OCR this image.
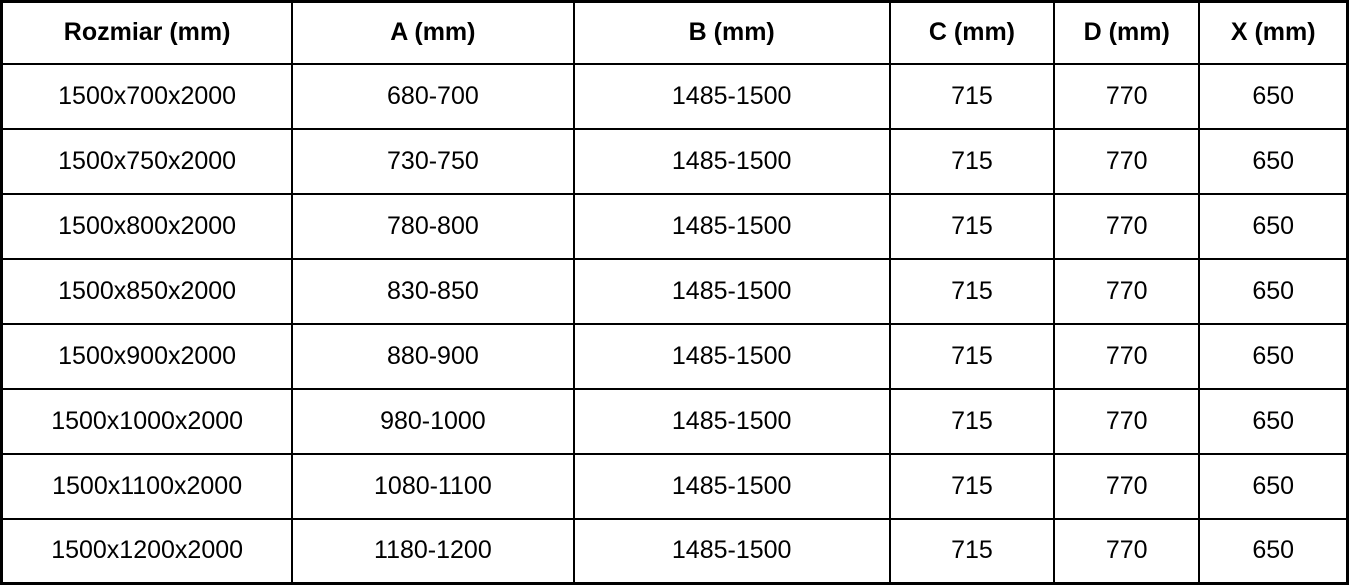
Rozmiar (mm)	A (mm)	B (mm)	C (mm)	D (mm)	X (mm)
1500x700x2000	680-700	1485-1500	715	770	650
1500x750x2000	730-750	1485-1500	715	770	650
1500x800x2000	780-800	1485-1500	715	770	650
1500x850x2000	830-850	1485-1500	715	770	650
1500x900x2000	880-900	1485-1500	715	770	650
1500x1000x2000	980-1000	1485-1500	715	770	650
1500x1100x2000	1080-1100	1485-1500	715	770	650
1500x1200x2000	1180-1200	1485-1500	715	770	650
